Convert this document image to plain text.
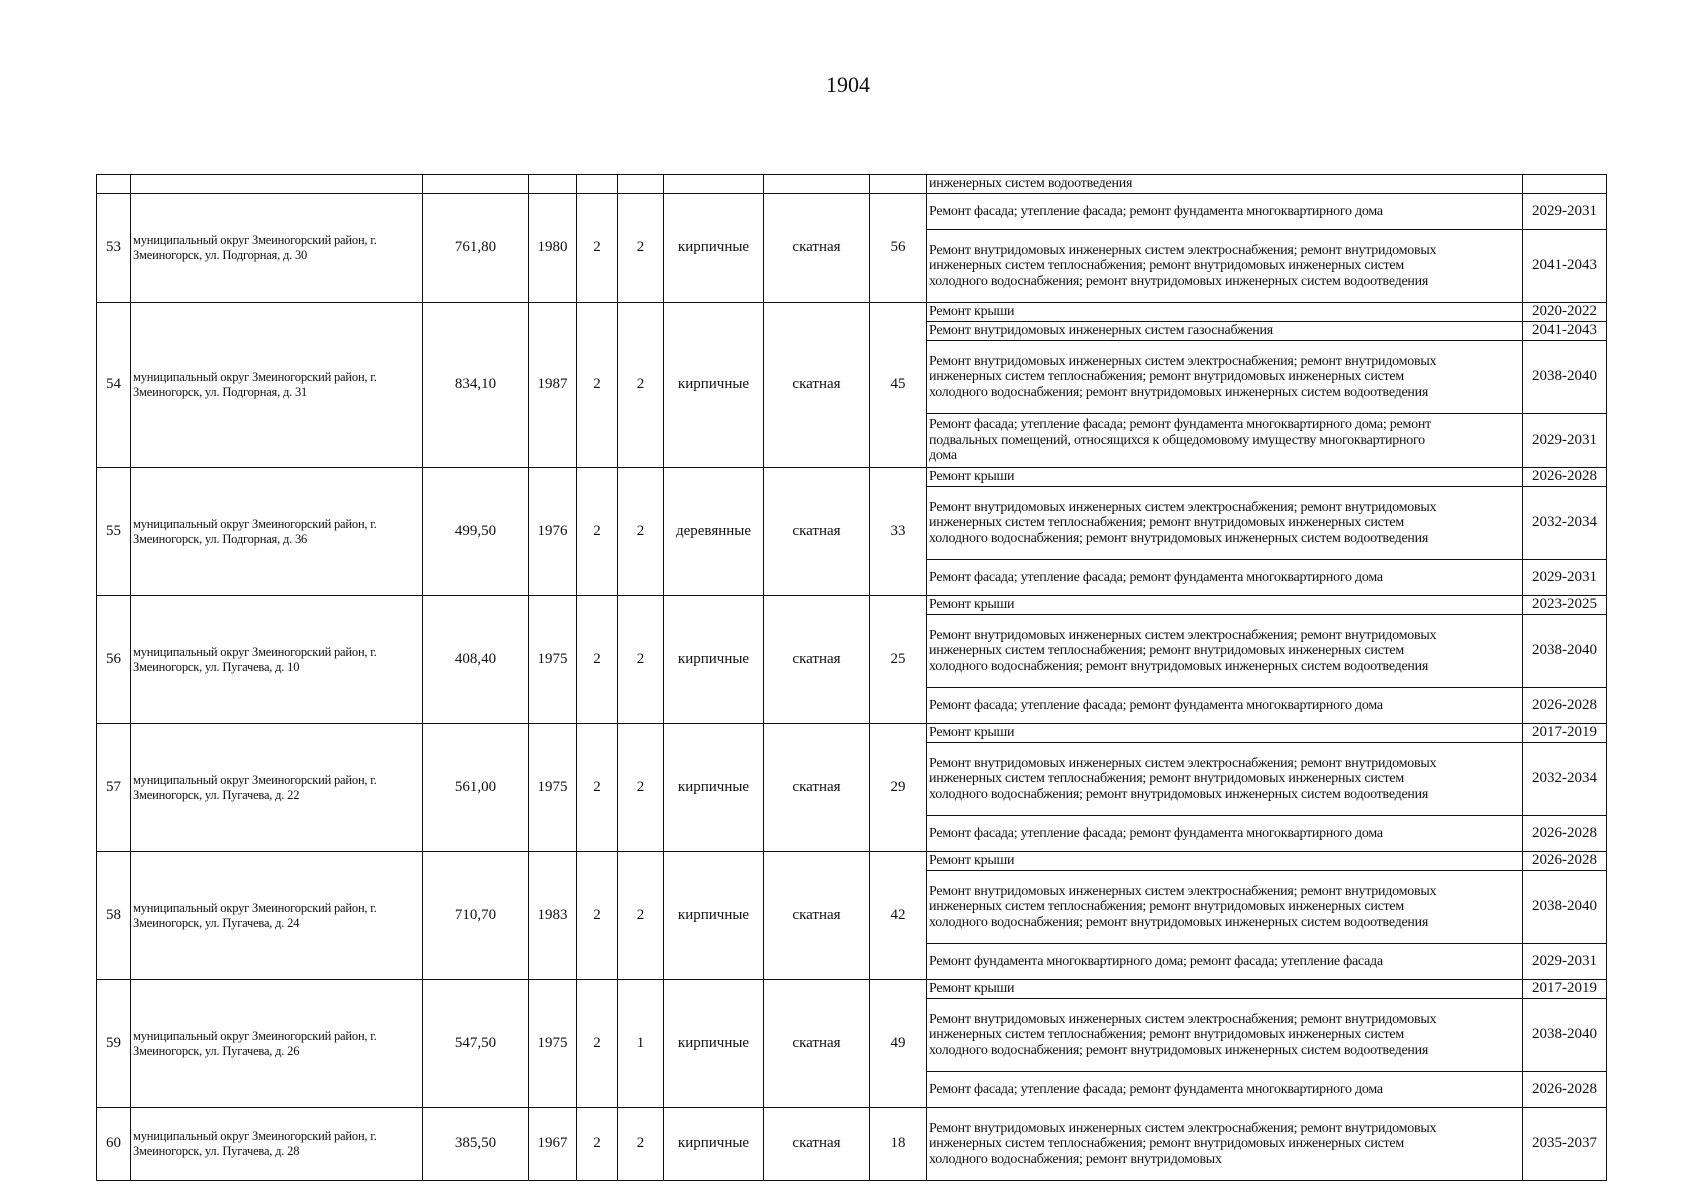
1904
									инженерных систем водоотведения	
53	муниципальный округ Змеиногорский район, г. Змеиногорск, ул. Подгорная, д. 30	761,80	1980	2	2	кирпичные	скатная	56	Ремонт фасада; утепление фасада; ремонт фундамента многоквартирного дома	2029-2031
									Ремонт внутридомовых инженерных систем электроснабжения; ремонт внутридомовых инженерных систем теплоснабжения; ремонт внутридомовых инженерных систем холодного водоснабжения; ремонт внутридомовых инженерных систем водоотведения	2041-2043
54	муниципальный округ Змеиногорский район, г. Змеиногорск, ул. Подгорная, д. 31	834,10	1987	2	2	кирпичные	скатная	45	Ремонт крыши	2020-2022
									Ремонт внутридомовых инженерных систем газоснабжения	2041-2043
									Ремонт внутридомовых инженерных систем электроснабжения; ремонт внутридомовых инженерных систем теплоснабжения; ремонт внутридомовых инженерных систем холодного водоснабжения; ремонт внутридомовых инженерных систем водоотведения	2038-2040
									Ремонт фасада; утепление фасада; ремонт фундамента многоквартирного дома; ремонт подвальных помещений, относящихся к общедомовому имуществу многоквартирного дома	2029-2031
55	муниципальный округ Змеиногорский район, г. Змеиногорск, ул. Подгорная, д. 36	499,50	1976	2	2	деревянные	скатная	33	Ремонт крыши	2026-2028
									Ремонт внутридомовых инженерных систем электроснабжения; ремонт внутридомовых инженерных систем теплоснабжения; ремонт внутридомовых инженерных систем холодного водоснабжения; ремонт внутридомовых инженерных систем водоотведения	2032-2034
									Ремонт фасада; утепление фасада; ремонт фундамента многоквартирного дома	2029-2031
56	муниципальный округ Змеиногорский район, г. Змеиногорск, ул. Пугачева, д. 10	408,40	1975	2	2	кирпичные	скатная	25	Ремонт крыши	2023-2025
									Ремонт внутридомовых инженерных систем электроснабжения; ремонт внутридомовых инженерных систем теплоснабжения; ремонт внутридомовых инженерных систем холодного водоснабжения; ремонт внутридомовых инженерных систем водоотведения	2038-2040
									Ремонт фасада; утепление фасада; ремонт фундамента многоквартирного дома	2026-2028
57	муниципальный округ Змеиногорский район, г. Змеиногорск, ул. Пугачева, д. 22	561,00	1975	2	2	кирпичные	скатная	29	Ремонт крыши	2017-2019
									Ремонт внутридомовых инженерных систем электроснабжения; ремонт внутридомовых инженерных систем теплоснабжения; ремонт внутридомовых инженерных систем холодного водоснабжения; ремонт внутридомовых инженерных систем водоотведения	2032-2034
									Ремонт фасада; утепление фасада; ремонт фундамента многоквартирного дома	2026-2028
58	муниципальный округ Змеиногорский район, г. Змеиногорск, ул. Пугачева, д. 24	710,70	1983	2	2	кирпичные	скатная	42	Ремонт крыши	2026-2028
									Ремонт внутридомовых инженерных систем электроснабжения; ремонт внутридомовых инженерных систем теплоснабжения; ремонт внутридомовых инженерных систем холодного водоснабжения; ремонт внутридомовых инженерных систем водоотведения	2038-2040
									Ремонт фундамента многоквартирного дома; ремонт фасада; утепление фасада	2029-2031
59	муниципальный округ Змеиногорский район, г. Змеиногорск, ул. Пугачева, д. 26	547,50	1975	2	1	кирпичные	скатная	49	Ремонт крыши	2017-2019
									Ремонт внутридомовых инженерных систем электроснабжения; ремонт внутридомовых инженерных систем теплоснабжения; ремонт внутридомовых инженерных систем холодного водоснабжения; ремонт внутридомовых инженерных систем водоотведения	2038-2040
									Ремонт фасада; утепление фасада; ремонт фундамента многоквартирного дома	2026-2028
60	муниципальный округ Змеиногорский район, г. Змеиногорск, ул. Пугачева, д. 28	385,50	1967	2	2	кирпичные	скатная	18	Ремонт внутридомовых инженерных систем электроснабжения; ремонт внутридомовых инженерных систем теплоснабжения; ремонт внутридомовых инженерных систем холодного водоснабжения; ремонт внутридомовых	2035-2037
